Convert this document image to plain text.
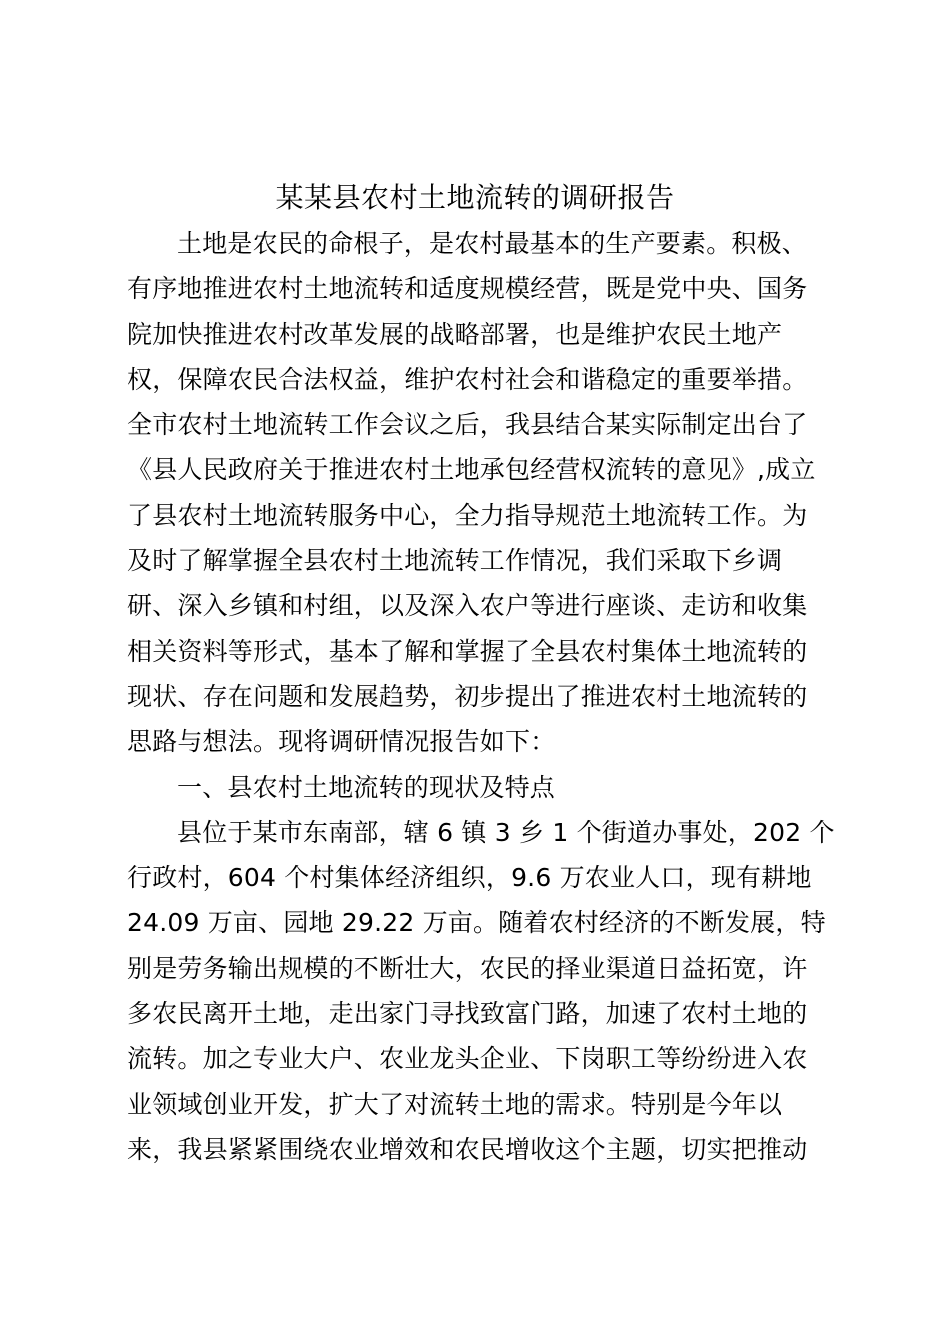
某某县农村土地流转的调研报告
土地是农民的命根子，是农村最基本的生产要素。积极、
有序地推进农村土地流转和适度规模经营，既是党中央、国务
院加快推进农村改革发展的战略部署，也是维护农民土地产
权，保障农民合法权益，维护农村社会和谐稳定的重要举措。
全市农村土地流转工作会议之后，我县结合某实际制定出台了
《县人民政府关于推进农村土地承包经营权流转的意见》,成立
了县农村土地流转服务中心，全力指导规范土地流转工作。为
及时了解掌握全县农村土地流转工作情况，我们采取下乡调
研、深入乡镇和村组，以及深入农户等进行座谈、走访和收集
相关资料等形式，基本了解和掌握了全县农村集体土地流转的
现状、存在问题和发展趋势，初步提出了推进农村土地流转的
思路与想法。现将调研情况报告如下：
一、县农村土地流转的现状及特点
县位于某市东南部，辖 6 镇 3 乡 1 个街道办事处，202 个
行政村，604 个村集体经济组织，9.6 万农业人口，现有耕地
24.09 万亩、园地 29.22 万亩。随着农村经济的不断发展，特
别是劳务输出规模的不断壮大，农民的择业渠道日益拓宽，许
多农民离开土地，走出家门寻找致富门路，加速了农村土地的
流转。加之专业大户、农业龙头企业、下岗职工等纷纷进入农
业领域创业开发，扩大了对流转土地的需求。特别是今年以
来，我县紧紧围绕农业增效和农民增收这个主题，切实把推动
